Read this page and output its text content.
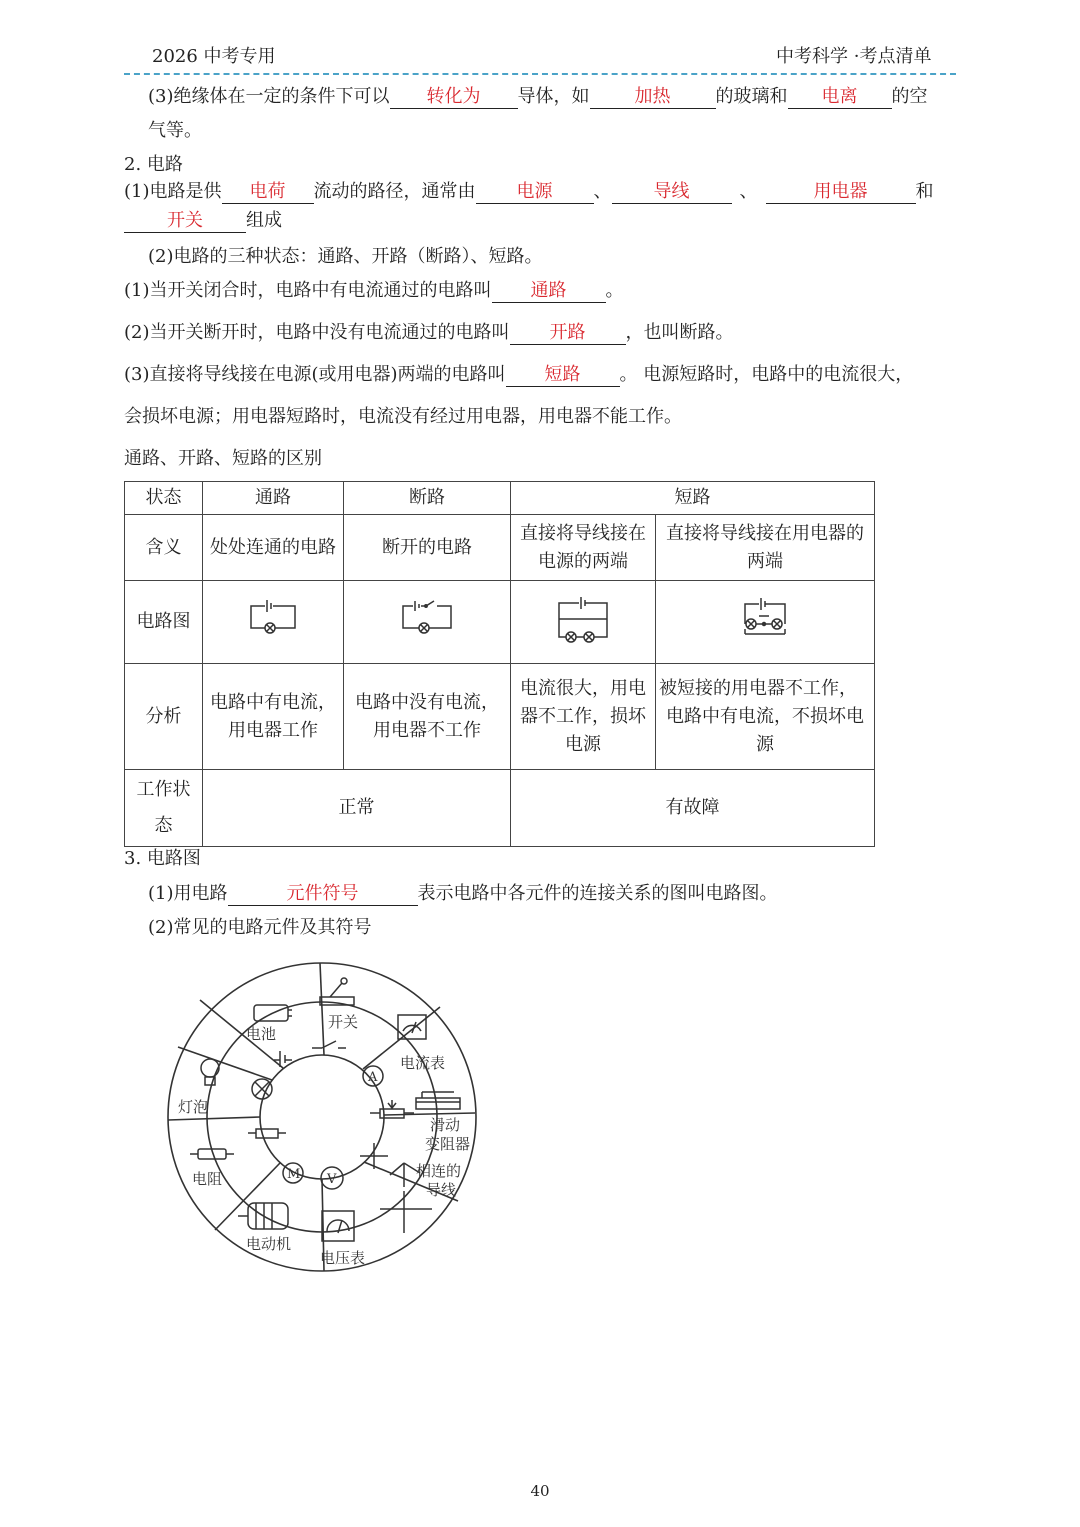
2026 中考专用	中考科学 ·考点清单
(3)绝缘体在一定的条件下可以 转化为 导体，如	加热	的玻璃和 电离 的空
气等。
2. 电路
(1)电路是供 电荷 流动的路径，通常由 电源 、 导线	、	用电器	和
开关 组成
(2)电路的三种状态：通路、开路（断路）、短路。
(1)当开关闭合时，电路中有电流通过的电路叫 通路 。
(2)当开关断开时，电路中没有电流通过的电路叫 开路 ，也叫断路。
(3)直接将导线接在电源(或用电器)两端的电路叫 短路 。 电源短路时，电路中的电流很大，
会损坏电源；用电器短路时，电流没有经过用电器，用电器不能工作。
通路、开路、短路的区别
状态	通路	断路	短路	
含义	处处连通的电路	断开的电路	直接将导线接在电源的两端	直接将导线接在用电器的两端
电路图				
分析	电路中有电流，用电器工作	电路中没有电流，用电器不工作	电流很大，用电器不工作，损坏电源	被短接的用电器不工作，
电路中有电流，不损坏电源

工作状态	正常		有故障	
3. 电路图
(1)用电路	元件符号	表示电路中各元件的连接关系的图叫电路图。
(2)常见的电路元件及其符号
电池
开关
电流表
滑动
变阻器
相连的
导线
电压表
电动机
电阻
灯泡
A
V
M
40
